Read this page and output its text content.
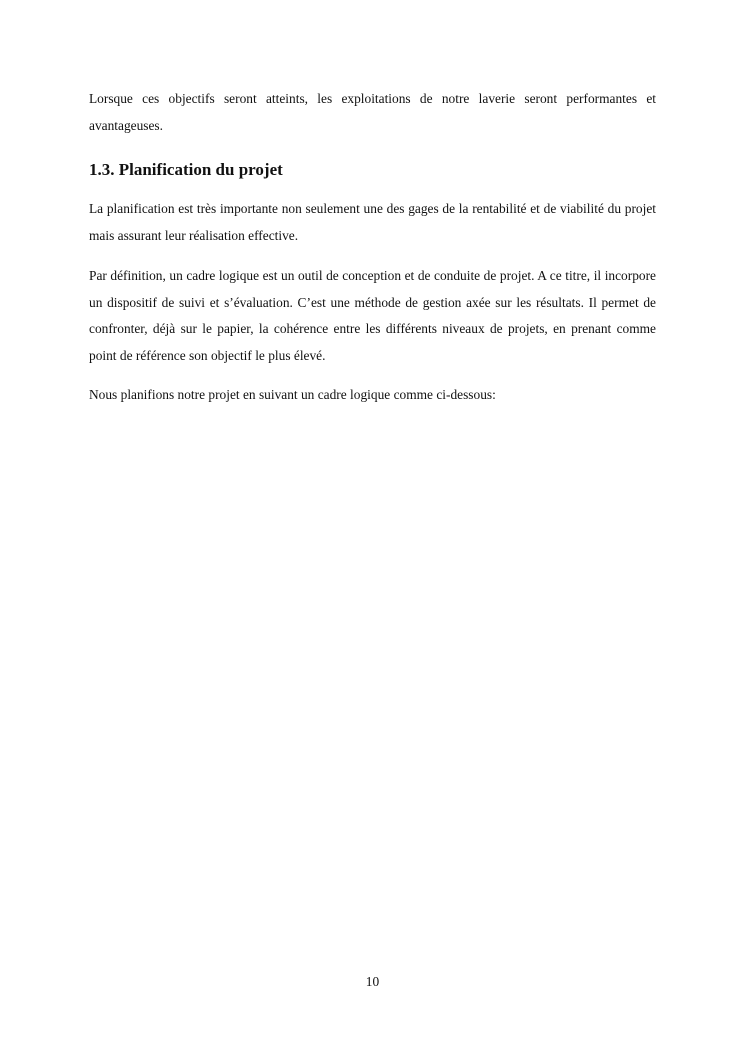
Lorsque ces objectifs seront atteints, les exploitations de notre laverie seront performantes et avantageuses.

1.3. Planification du projet

La planification est très importante non seulement une des gages de la rentabilité et de viabilité du projet mais assurant leur réalisation effective.

Par définition, un cadre logique est un outil de conception et de conduite de projet. A ce titre, il incorpore un dispositif de suivi et s’évaluation. C’est une méthode de gestion axée sur les résultats. Il permet de confronter, déjà sur le papier, la cohérence entre les différents niveaux de projets, en prenant comme point de référence son objectif le plus élevé.

Nous planifions notre projet en suivant un cadre logique comme ci-dessous:

10
